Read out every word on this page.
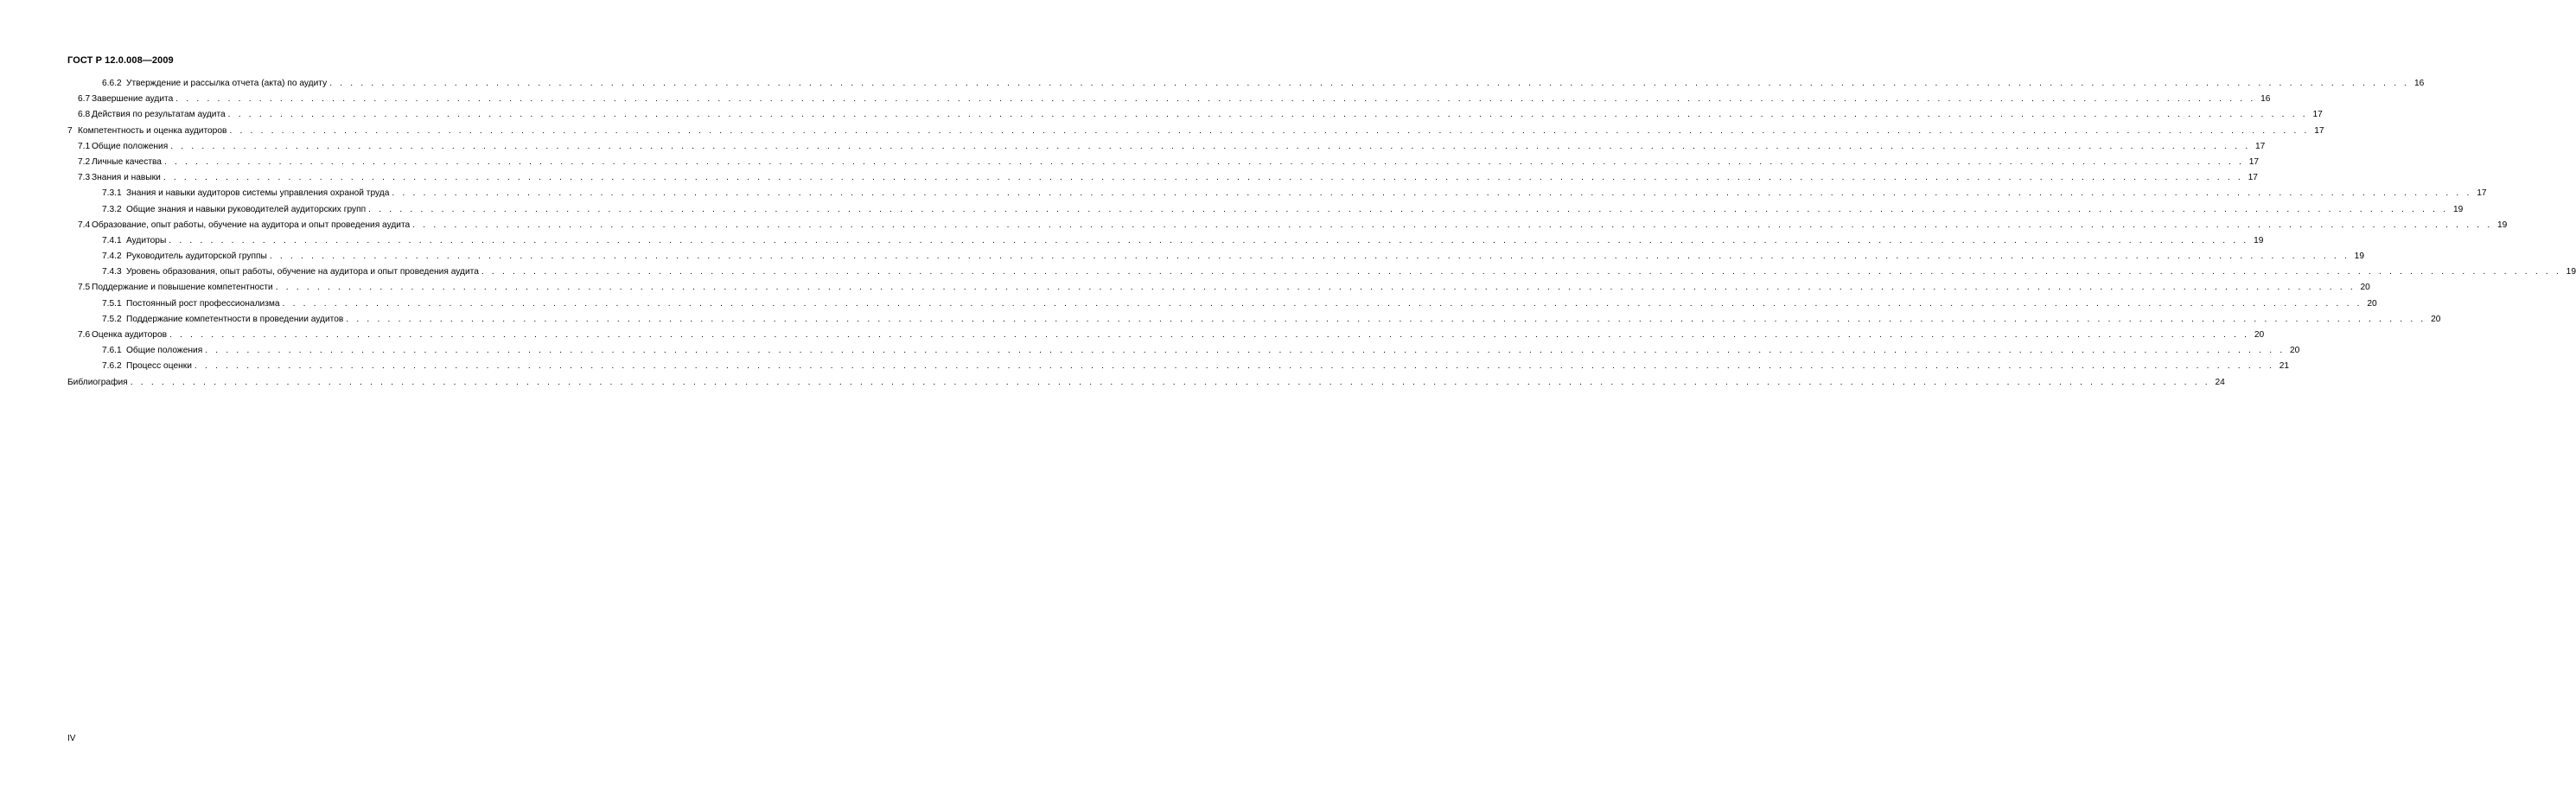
ГОСТ Р 12.0.008—2009
6.6.2 Утверждение и рассылка отчета (акта) по аудиту . . . . . . . . . . . . . . . . . . . . . . . . . . . . . . . . . . . . . . . . . . . . . . . . . . . . . . . . . . . . . . . . . . . . . . . . . . . . . . . . . . . . . . . . . . . . . . . . . . . . . . . . . . . . . . . . . . . . . . . . . . . . . . . . . . . . . . . . . . . . . . . . . . . . . . . . . . . . . . . . . . . . . . . . . . . . . . . . . . . . . . . . . . . . . . . . . . . . . . . . 16
6.7 Завершение аудита . . . . . . . . . . . . . . . . . . . . . . . . . . . . . . . . . . . . . . . . . . . . . . . . . . . . . . . . . . . . . . . . . . . . . . . . . . . . . . . . . . . . . . . . . . . . . . . . . . . . . . . . . . . . . . . . . . . . . . . . . . . . . . . . . . . . . . . . . . . . . . . . . . . . . . . . . . . . . . . . . . . . . . . . . . . . . . . . . . . . . . . . . . . . . . . . . . . . . . . . 16
6.8 Действия по результатам аудита . . . . . . . . . . . . . . . . . . . . . . . . . . . . . . . . . . . . . . . . . . . . . . . . . . . . . . . . . . . . . . . . . . . . . . . . . . . . . . . . . . . . . . . . . . . . . . . . . . . . . . . . . . . . . . . . . . . . . . . . . . . . . . . . . . . . . . . . . . . . . . . . . . . . . . . . . . . . . . . . . . . . . . . . . . . . . . . . . . . . . . . . . . . . . . . . . . . . . . . . 17
7 Компетентность и оценка аудиторов . . . . . . . . . . . . . . . . . . . . . . . . . . . . . . . . . . . . . . . . . . . . . . . . . . . . . . . . . . . . . . . . . . . . . . . . . . . . . . . . . . . . . . . . . . . . . . . . . . . . . . . . . . . . . . . . . . . . . . . . . . . . . . . . . . . . . . . . . . . . . . . . . . . . . . . . . . . . . . . . . . . . . . . . . . . . . . . . . . . . . . . . . . . . . . . . . . . . . . . . 17
7.1 Общие положения . . . . . . . . . . . . . . . . . . . . . . . . . . . . . . . . . . . . . . . . . . . . . . . . . . . . . . . . . . . . . . . . . . . . . . . . . . . . . . . . . . . . . . . . . . . . . . . . . . . . . . . . . . . . . . . . . . . . . . . . . . . . . . . . . . . . . . . . . . . . . . . . . . . . . . . . . . . . . . . . . . . . . . . . . . . . . . . . . . . . . . . . . . . . . . . . . . . . . . . . 17
7.2 Личные качества . . . . . . . . . . . . . . . . . . . . . . . . . . . . . . . . . . . . . . . . . . . . . . . . . . . . . . . . . . . . . . . . . . . . . . . . . . . . . . . . . . . . . . . . . . . . . . . . . . . . . . . . . . . . . . . . . . . . . . . . . . . . . . . . . . . . . . . . . . . . . . . . . . . . . . . . . . . . . . . . . . . . . . . . . . . . . . . . . . . . . . . . . . . . . . . . . . . . . . . . 17
7.3 Знания и навыки . . . . . . . . . . . . . . . . . . . . . . . . . . . . . . . . . . . . . . . . . . . . . . . . . . . . . . . . . . . . . . . . . . . . . . . . . . . . . . . . . . . . . . . . . . . . . . . . . . . . . . . . . . . . . . . . . . . . . . . . . . . . . . . . . . . . . . . . . . . . . . . . . . . . . . . . . . . . . . . . . . . . . . . . . . . . . . . . . . . . . . . . . . . . . . . . . . . . . . . . 17
7.3.1 Знания и навыки аудиторов системы управления охраной труда . . . . . . . . . . . . . . . . . . . . . . . . . . . . . . . . . . . . . . . . . . . . . . . . . . . . . . . . . . . . . . . . . . . . . . . . . . . . . . . . . . . . . . . . . . . . . . . . . . . . . . . . . . . . . . . . . . . . . . . . . . . . . . . . . . . . . . . . . . . . . . . . . . . . . . . . . . . . . . . . . . . . . . . . . . . . . . . . . . . . . . . . . . . . . . . . . . . . . . . . 17
7.3.2 Общие знания и навыки руководителей аудиторских групп . . . . . . . . . . . . . . . . . . . . . . . . . . . . . . . . . . . . . . . . . . . . . . . . . . . . . . . . . . . . . . . . . . . . . . . . . . . . . . . . . . . . . . . . . . . . . . . . . . . . . . . . . . . . . . . . . . . . . . . . . . . . . . . . . . . . . . . . . . . . . . . . . . . . . . . . . . . . . . . . . . . . . . . . . . . . . . . . . . . . . . . . . . . . . . . . . . . . . . . . 19
7.4 Образование, опыт работы, обучение на аудитора и опыт проведения аудита . . . . . . . . . . . . . . . . . . . . . . . . . . . . . . . . . . . . . . . . . . . . . . . . . . . . . . . . . . . . . . . . . . . . . . . . . . . . . . . . . . . . . . . . . . . . . . . . . . . . . . . . . . . . . . . . . . . . . . . . . . . . . . . . . . . . . . . . . . . . . . . . . . . . . . . . . . . . . . . . . . . . . . . . . . . . . . . . . . . . . . . . . . . . . . . . . . . . . . . . 19
7.4.1 Аудиторы . . . . . . . . . . . . . . . . . . . . . . . . . . . . . . . . . . . . . . . . . . . . . . . . . . . . . . . . . . . . . . . . . . . . . . . . . . . . . . . . . . . . . . . . . . . . . . . . . . . . . . . . . . . . . . . . . . . . . . . . . . . . . . . . . . . . . . . . . . . . . . . . . . . . . . . . . . . . . . . . . . . . . . . . . . . . . . . . . . . . . . . . . . . . . . . . . . . . . . . . 19
7.4.2 Руководитель аудиторской группы . . . . . . . . . . . . . . . . . . . . . . . . . . . . . . . . . . . . . . . . . . . . . . . . . . . . . . . . . . . . . . . . . . . . . . . . . . . . . . . . . . . . . . . . . . . . . . . . . . . . . . . . . . . . . . . . . . . . . . . . . . . . . . . . . . . . . . . . . . . . . . . . . . . . . . . . . . . . . . . . . . . . . . . . . . . . . . . . . . . . . . . . . . . . . . . . . . . . . . . . 19
7.4.3 Уровень образования, опыт работы, обучение на аудитора и опыт проведения аудита . . . . . . . . . . . . . . . . . . . . . . . . . . . . . . . . . . . . . . . . . . . . . . . . . . . . . . . . . . . . . . . . . . . . . . . . . . . . . . . . . . . . . . . . . . . . . . . . . . . . . . . . . . . . . . . . . . . . . . . . . . . . . . . . . . . . . . . . . . . . . . . . . . . . . . . . . . . . . . . . . . . . . . . . . . . . . . . . . . . . . . . . . . . . . . . . . . . . . . . . 19
7.5 Поддержание и повышение компетентности . . . . . . . . . . . . . . . . . . . . . . . . . . . . . . . . . . . . . . . . . . . . . . . . . . . . . . . . . . . . . . . . . . . . . . . . . . . . . . . . . . . . . . . . . . . . . . . . . . . . . . . . . . . . . . . . . . . . . . . . . . . . . . . . . . . . . . . . . . . . . . . . . . . . . . . . . . . . . . . . . . . . . . . . . . . . . . . . . . . . . . . . . . . . . . . . . . . . . . . . 20
7.5.1 Постоянный рост профессионализма . . . . . . . . . . . . . . . . . . . . . . . . . . . . . . . . . . . . . . . . . . . . . . . . . . . . . . . . . . . . . . . . . . . . . . . . . . . . . . . . . . . . . . . . . . . . . . . . . . . . . . . . . . . . . . . . . . . . . . . . . . . . . . . . . . . . . . . . . . . . . . . . . . . . . . . . . . . . . . . . . . . . . . . . . . . . . . . . . . . . . . . . . . . . . . . . . . . . . . . . 20
7.5.2 Поддержание компетентности в проведении аудитов . . . . . . . . . . . . . . . . . . . . . . . . . . . . . . . . . . . . . . . . . . . . . . . . . . . . . . . . . . . . . . . . . . . . . . . . . . . . . . . . . . . . . . . . . . . . . . . . . . . . . . . . . . . . . . . . . . . . . . . . . . . . . . . . . . . . . . . . . . . . . . . . . . . . . . . . . . . . . . . . . . . . . . . . . . . . . . . . . . . . . . . . . . . . . . . . . . . . . . . . 20
7.6 Оценка аудиторов . . . . . . . . . . . . . . . . . . . . . . . . . . . . . . . . . . . . . . . . . . . . . . . . . . . . . . . . . . . . . . . . . . . . . . . . . . . . . . . . . . . . . . . . . . . . . . . . . . . . . . . . . . . . . . . . . . . . . . . . . . . . . . . . . . . . . . . . . . . . . . . . . . . . . . . . . . . . . . . . . . . . . . . . . . . . . . . . . . . . . . . . . . . . . . . . . . . . . . . . 20
7.6.1 Общие положения . . . . . . . . . . . . . . . . . . . . . . . . . . . . . . . . . . . . . . . . . . . . . . . . . . . . . . . . . . . . . . . . . . . . . . . . . . . . . . . . . . . . . . . . . . . . . . . . . . . . . . . . . . . . . . . . . . . . . . . . . . . . . . . . . . . . . . . . . . . . . . . . . . . . . . . . . . . . . . . . . . . . . . . . . . . . . . . . . . . . . . . . . . . . . . . . . . . . . . . . 20
7.6.2 Процесс оценки . . . . . . . . . . . . . . . . . . . . . . . . . . . . . . . . . . . . . . . . . . . . . . . . . . . . . . . . . . . . . . . . . . . . . . . . . . . . . . . . . . . . . . . . . . . . . . . . . . . . . . . . . . . . . . . . . . . . . . . . . . . . . . . . . . . . . . . . . . . . . . . . . . . . . . . . . . . . . . . . . . . . . . . . . . . . . . . . . . . . . . . . . . . . . . . . . . . . . . . . 21
Библиография . . . . . . . . . . . . . . . . . . . . . . . . . . . . . . . . . . . . . . . . . . . . . . . . . . . . . . . . . . . . . . . . . . . . . . . . . . . . . . . . . . . . . . . . . . . . . . . . . . . . . . . . . . . . . . . . . . . . . . . . . . . . . . . . . . . . . . . . . . . . . . . . . . . . . . . . . . . . . . . . . . . . . . . . . . . . . . . . . . . . . . . . . . . . . . . . . . . . . . . . 24
IV
